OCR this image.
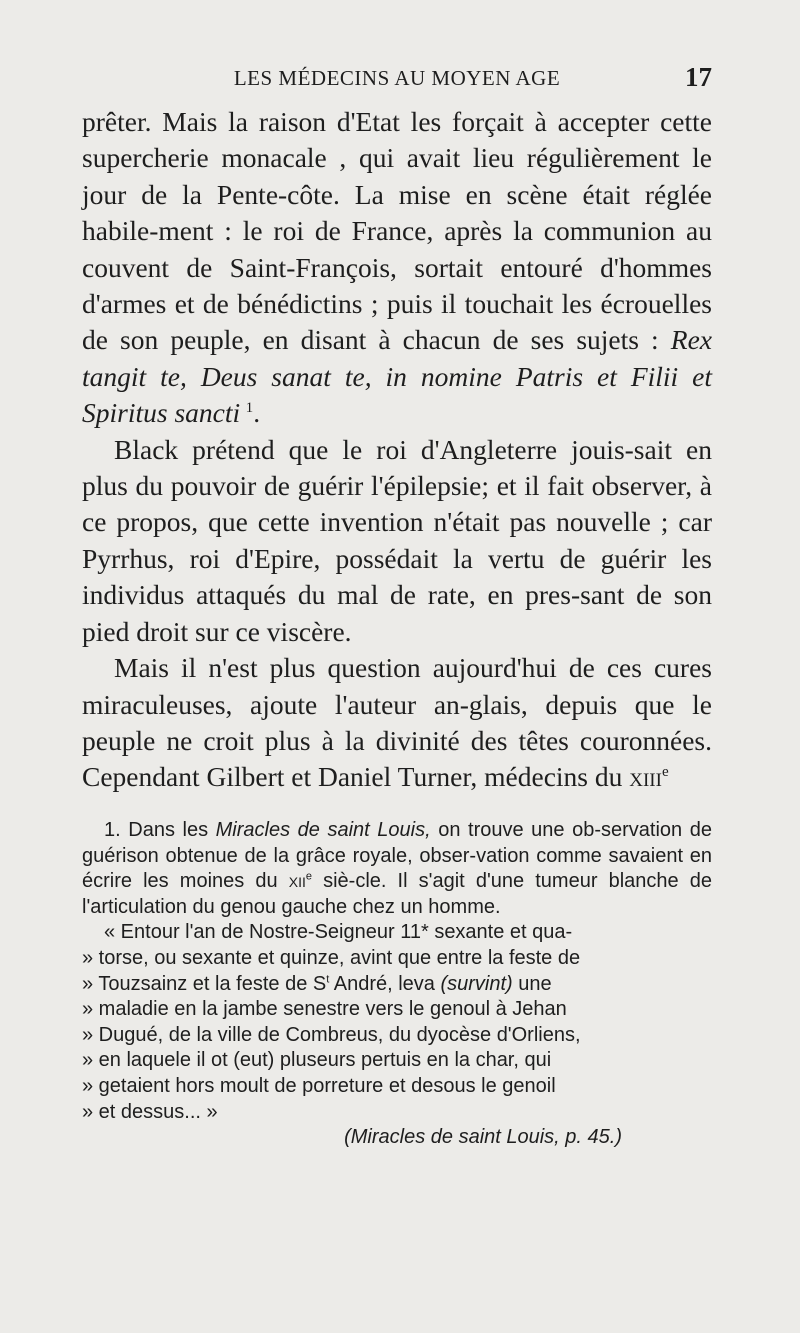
LES MÉDECINS AU MOYEN AGE	17

prêter. Mais la raison d'Etat les forçait à accepter cette supercherie monacale , qui avait lieu régulièrement le jour de la Pente-côte. La mise en scène était réglée habile-ment : le roi de France, après la communion au couvent de Saint-François, sortait entouré d'hommes d'armes et de bénédictins ; puis il touchait les écrouelles de son peuple, en disant à chacun de ses sujets : Rex tangit te, Deus sanat te, in nomine Patris et Filii et Spiritus sancti  $^1$.

Black prétend que le roi d'Angleterre jouis-sait en plus du pouvoir de guérir l'épilepsie; et il fait observer, à ce propos, que cette invention n'était pas nouvelle ; car Pyrrhus, roi d'Epire, possédait la vertu de guérir les individus attaqués du mal de rate, en pres-sant de son pied droit sur ce viscère.

Mais il n'est plus question aujourd'hui de ces cures miraculeuses, ajoute l'auteur an-glais, depuis que le peuple ne croit plus à la divinité des têtes couronnées. Cependant Gilbert et Daniel Turner, médecins du xiii$^e$

1. Dans les Miracles de saint Louis, on trouve une ob-servation de guérison obtenue de la grâce royale, obser-vation comme savaient en écrire les moines du xii$^e$ siè-cle. Il s'agit d'une tumeur blanche de l'articulation du genou gauche chez un homme.

« Entour l'an de Nostre-Seigneur 11* sexante et qua-

» torse, ou sexante et quinze, avint que entre la feste de

» Touzsainz et la feste de $S^t$ André, leva (survint) une

» maladie en la jambe senestre vers le genoul à Jehan

» Dugué, de la ville de Combreus, du dyocèse d'Orliens,

» en laquele il ot (eut) pluseurs pertuis en la char, qui

» getaient hors moult de porreture et desous le genoil

» et dessus... »

(Miracles de saint Louis, p. 45.)
